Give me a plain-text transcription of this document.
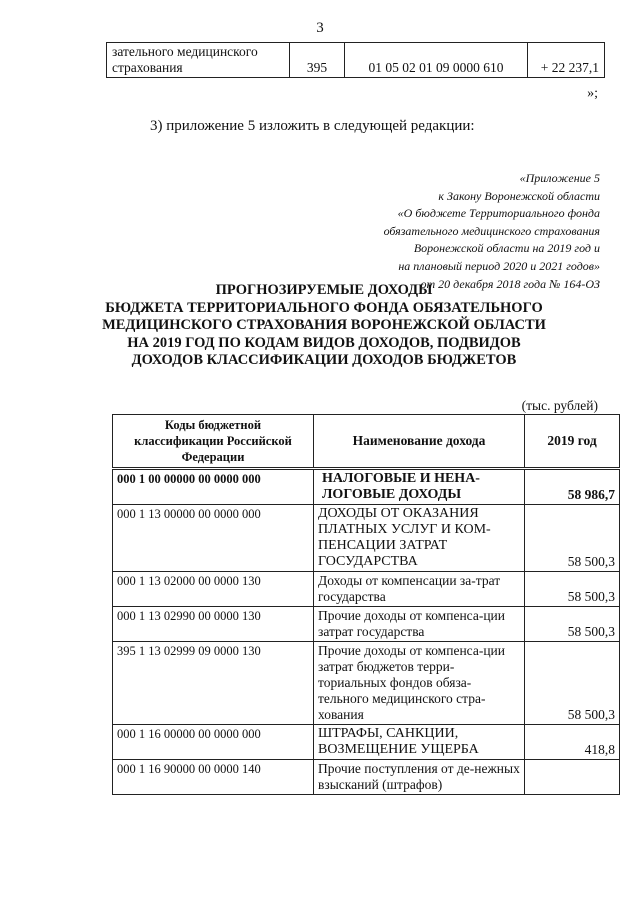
3
зательного медицинского
страхования	395	01 05 02 01 09 0000 610	+ 22 237,1
»;
3) приложение 5 изложить в следующей редакции:
«Приложение 5
к Закону Воронежской области
«О бюджете Территориального фонда
обязательного медицинского страхования
Воронежской области на 2019 год и
на плановый период 2020 и 2021 годов»
от 20 декабря 2018 года № 164-ОЗ
ПРОГНОЗИРУЕМЫЕ ДОХОДЫ
БЮДЖЕТА ТЕРРИТОРИАЛЬНОГО ФОНДА ОБЯЗАТЕЛЬНОГО
МЕДИЦИНСКОГО СТРАХОВАНИЯ ВОРОНЕЖСКОЙ ОБЛАСТИ
НА 2019 ГОД ПО КОДАМ ВИДОВ ДОХОДОВ, ПОДВИДОВ
ДОХОДОВ КЛАССИФИКАЦИИ ДОХОДОВ БЮДЖЕТОВ
(тыс. рублей)
Коды бюджетной классификации Российской Федерации	Наименование дохода	2019 год
000 1 00 00000 00 0000 000	НАЛОГОВЫЕ И НЕНА-ЛОГОВЫЕ ДОХОДЫ	58 986,7
000 1 13 00000 00 0000 000	ДОХОДЫ ОТ ОКАЗАНИЯ ПЛАТНЫХ УСЛУГ И КОМ-ПЕНСАЦИИ ЗАТРАТ ГОСУДАРСТВА	58 500,3
000 1 13 02000 00 0000 130	Доходы от компенсации за-трат государства	58 500,3
000 1 13 02990 00 0000 130	Прочие доходы от компенса-ции затрат государства	58 500,3
395 1 13 02999 09 0000 130	Прочие доходы от компенса-ции затрат бюджетов терри-ториальных фондов обяза-тельного медицинского стра-хования	58 500,3
000 1 16 00000 00 0000 000	ШТРАФЫ, САНКЦИИ, ВОЗМЕЩЕНИЕ УЩЕРБА	418,8
000 1 16 90000 00 0000 140	Прочие поступления от де-нежных взысканий (штрафов)	
